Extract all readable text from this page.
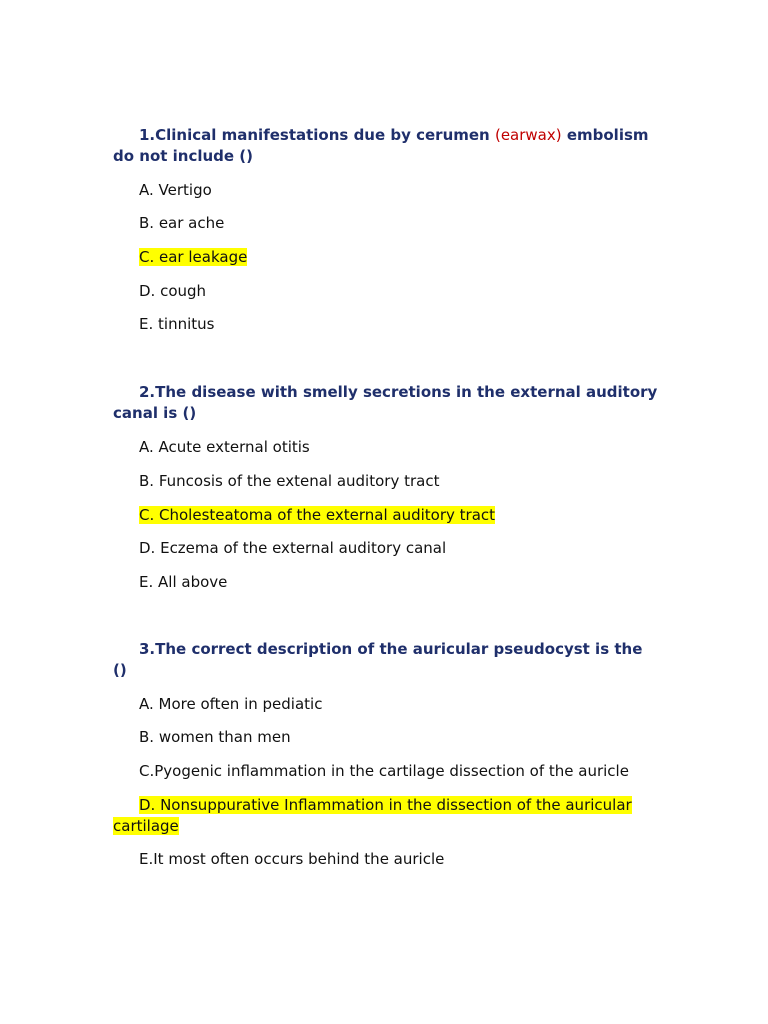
1.Clinical manifestations due by cerumen (earwax) embolism do not include ()

A. Vertigo

B. ear ache

C. ear leakage

D. cough

E. tinnitus

2.The disease with smelly secretions in the external auditory canal is ()

A. Acute external otitis

B. Funcosis of the extenal auditory tract

C. Cholesteatoma of the external auditory tract

D. Eczema of the external auditory canal

E. All above

3.The correct description of the auricular pseudocyst is the ()

A. More often in pediatic

B. women than men

C.Pyogenic inflammation in the cartilage dissection of the auricle

D. Nonsuppurative Inflammation in the dissection of the auricular cartilage

E.It most often occurs behind the auricle
